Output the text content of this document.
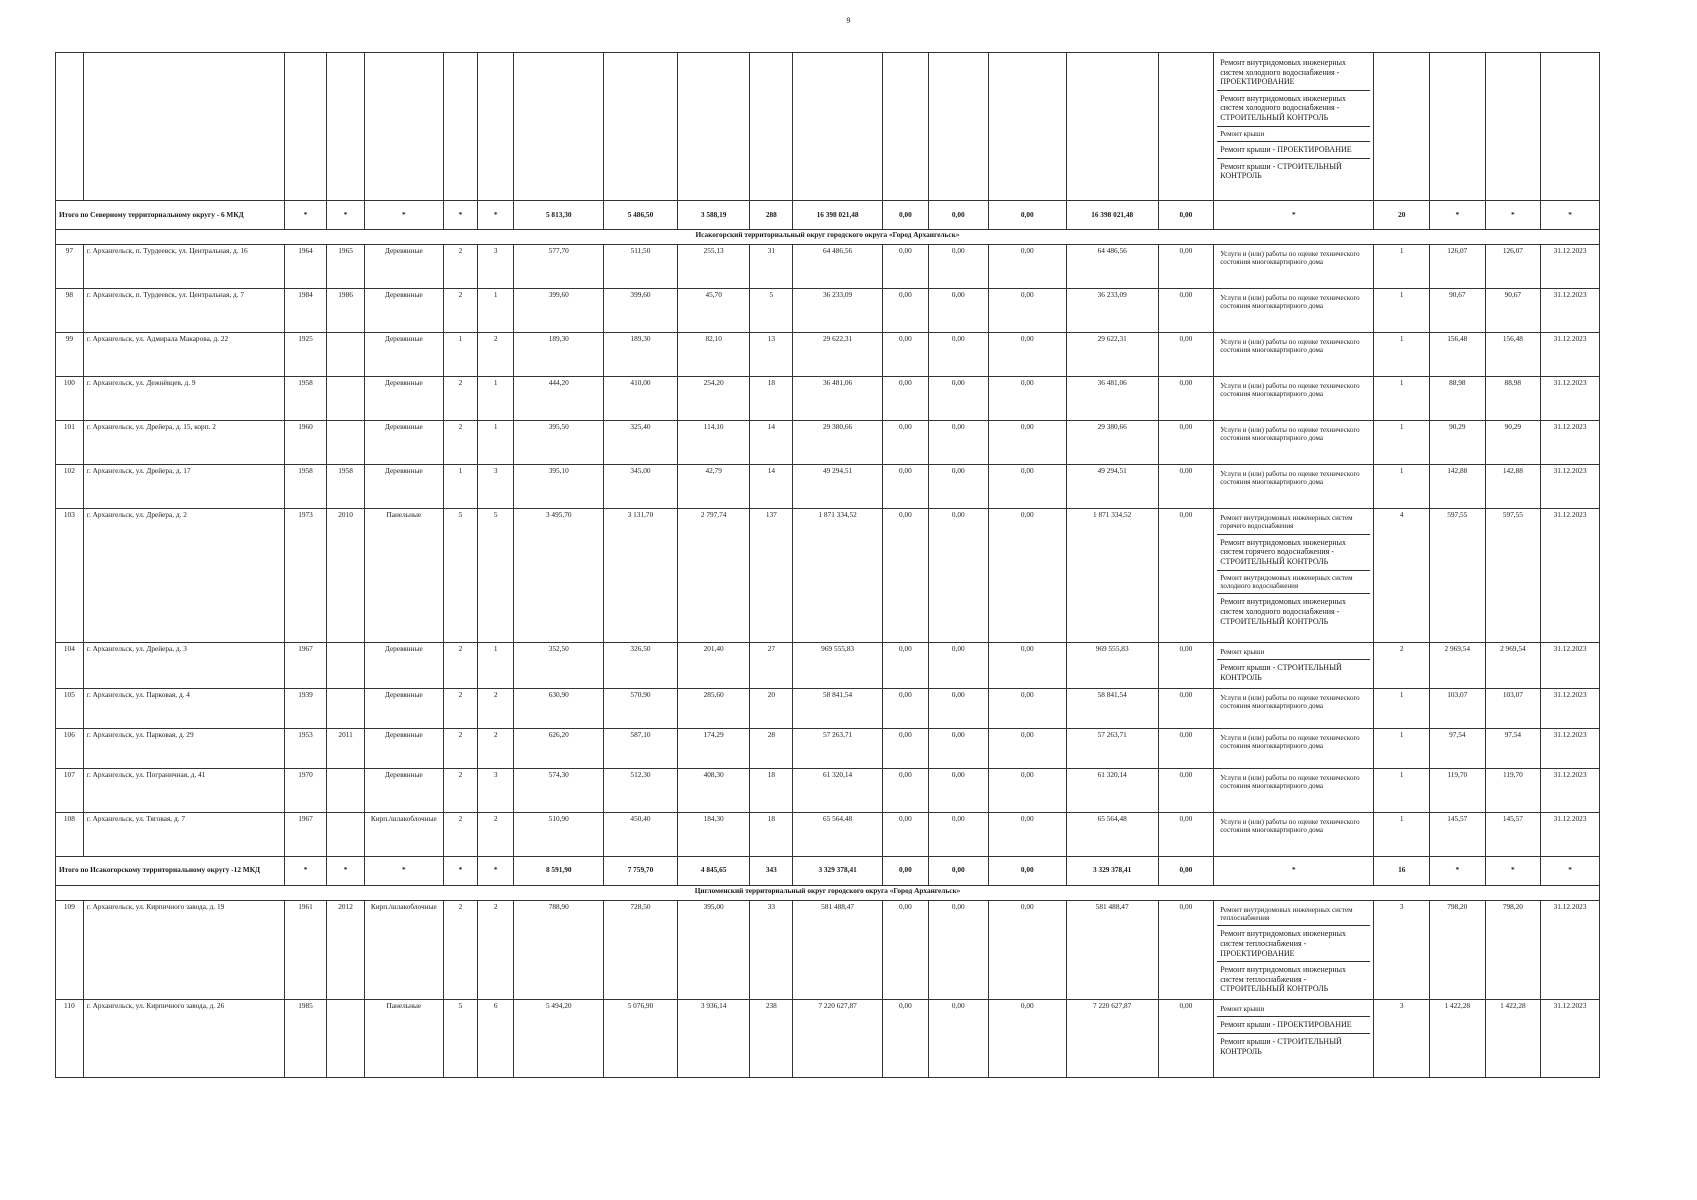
9

																	Ремонт внутридомовых инженерных систем холодного водоснабжения - ПРОЕКТИРОВАНИЕ
Ремонт внутридомовых инженерных систем холодного водоснабжения - СТРОИТЕЛЬНЫЙ КОНТРОЛЬ
Ремонт крыши
Ремонт крыши - ПРОЕКТИРОВАНИЕ
Ремонт крыши - СТРОИТЕЛЬНЫЙ КОНТРОЛЬ				

Итого по Северному территориальному округу - 6 МКД		*	*	*	*	*	5 813,30	5 486,50	3 588,19	288	16 398 021,48	0,00	0,00	0,00	16 398 021,48	0,00	*	20	*	*	*
Исакогорский территориальный округ городского округа «Город Архангельск»																					
97	г. Архангельск, п. Турдеевск, ул. Центральная, д. 16	1964	1965	Деревянные	2	3	577,70	511,50	255,13	31	64 486,56	0,00	0,00	0,00	64 486,56	0,00	Услуги и (или) работы по оценке технического состояния многоквартирного дома	1	126,07	126,07	31.12.2023
98	г. Архангельск, п. Турдеевск, ул. Центральная, д. 7	1984	1986	Деревянные	2	1	399,60	399,60	45,70	5	36 233,09	0,00	0,00	0,00	36 233,09	0,00	Услуги и (или) работы по оценке технического состояния многоквартирного дома	1	90,67	90,67	31.12.2023
99	г. Архангельск, ул. Адмирала Макарова, д. 22	1925		Деревянные	1	2	189,30	189,30	82,10	13	29 622,31	0,00	0,00	0,00	29 622,31	0,00	Услуги и (или) работы по оценке технического состояния многоквартирного дома	1	156,48	156,48	31.12.2023
100	г. Архангельск, ул. Дежнёвцев, д. 9	1958		Деревянные	2	1	444,20	410,00	254,20	18	36 481,06	0,00	0,00	0,00	36 481,06	0,00	Услуги и (или) работы по оценке технического состояния многоквартирного дома	1	88,98	88,98	31.12.2023
101	г. Архангельск, ул. Дрейера, д. 15, корп. 2	1960		Деревянные	2	1	395,50	325,40	114,10	14	29 380,66	0,00	0,00	0,00	29 380,66	0,00	Услуги и (или) работы по оценке технического состояния многоквартирного дома	1	90,29	90,29	31.12.2023
102	г. Архангельск, ул. Дрейера, д. 17	1958	1958	Деревянные	1	3	395,10	345,00	42,79	14	49 294,51	0,00	0,00	0,00	49 294,51	0,00	Услуги и (или) работы по оценке технического состояния многоквартирного дома	1	142,88	142,88	31.12.2023
103	г. Архангельск, ул. Дрейера, д. 2	1973	2010	Панельные	5	5	3 495,70	3 131,70	2 797,74	137	1 871 334,52	0,00	0,00	0,00	1 871 334,52	0,00	Ремонт внутридомовых инженерных систем горячего водоснабжения
Ремонт внутридомовых инженерных систем горячего водоснабжения - СТРОИТЕЛЬНЫЙ КОНТРОЛЬ
Ремонт внутридомовых инженерных систем холодного водоснабжения
Ремонт внутридомовых инженерных систем холодного водоснабжения - СТРОИТЕЛЬНЫЙ КОНТРОЛЬ	4	597,55	597,55	31.12.2023
104	г. Архангельск, ул. Дрейера, д. 3	1967		Деревянные	2	1	352,50	326,50	201,40	27	969 555,83	0,00	0,00	0,00	969 555,83	0,00	Ремонт крыши
Ремонт крыши - СТРОИТЕЛЬНЫЙ КОНТРОЛЬ	2	2 969,54	2 969,54	31.12.2023
105	г. Архангельск, ул. Парковая, д. 4	1939		Деревянные	2	2	630,90	570,90	285,60	20	58 841,54	0,00	0,00	0,00	58 841,54	0,00	Услуги и (или) работы по оценке технического состояния многоквартирного дома	1	103,07	103,07	31.12.2023
106	г. Архангельск, ул. Парковая, д. 29	1953	2011	Деревянные	2	2	626,20	587,10	174,29	28	57 263,71	0,00	0,00	0,00	57 263,71	0,00	Услуги и (или) работы по оценке технического состояния многоквартирного дома	1	97,54	97,54	31.12.2023
107	г. Архангельск, ул. Пограничная, д. 41	1970		Деревянные	2	3	574,30	512,30	408,30	18	61 320,14	0,00	0,00	0,00	61 320,14	0,00	Услуги и (или) работы по оценке технического состояния многоквартирного дома	1	119,70	119,70	31.12.2023
108	г. Архангельск, ул. Тяговая, д. 7	1967		Кирп./шлакоблочные	2	2	510,90	450,40	184,30	18	65 564,48	0,00	0,00	0,00	65 564,48	0,00	Услуги и (или) работы по оценке технического состояния многоквартирного дома	1	145,57	145,57	31.12.2023
Итого по Исакогорскому территориальному округу -12 МКД		*	*	*	*	*	8 591,90	7 759,70	4 845,65	343	3 329 378,41	0,00	0,00	0,00	3 329 378,41	0,00	*	16	*	*	*
Цигломенский территориальный округ городского округа «Город Архангельск»																					
109	г. Архангельск, ул. Кирпичного завода, д. 19	1961	2012	Кирп./шлакоблочные	2	2	788,90	728,50	395,00	33	581 488,47	0,00	0,00	0,00	581 488,47	0,00	Ремонт внутридомовых инженерных систем теплоснабжения
Ремонт внутридомовых инженерных систем теплоснабжения - ПРОЕКТИРОВАНИЕ
Ремонт внутридомовых инженерных систем теплоснабжения - СТРОИТЕЛЬНЫЙ КОНТРОЛЬ	3	798,20	798,20	31.12.2023
110	г. Архангельск, ул. Кирпичного завода, д. 26	1985		Панельные	5	6	5 494,20	5 076,90	3 936,14	238	7 220 627,87	0,00	0,00	0,00	7 220 627,87	0,00	Ремонт крыши
Ремонт крыши - ПРОЕКТИРОВАНИЕ
Ремонт крыши - СТРОИТЕЛЬНЫЙ КОНТРОЛЬ	3	1 422,28	1 422,28	31.12.2023
